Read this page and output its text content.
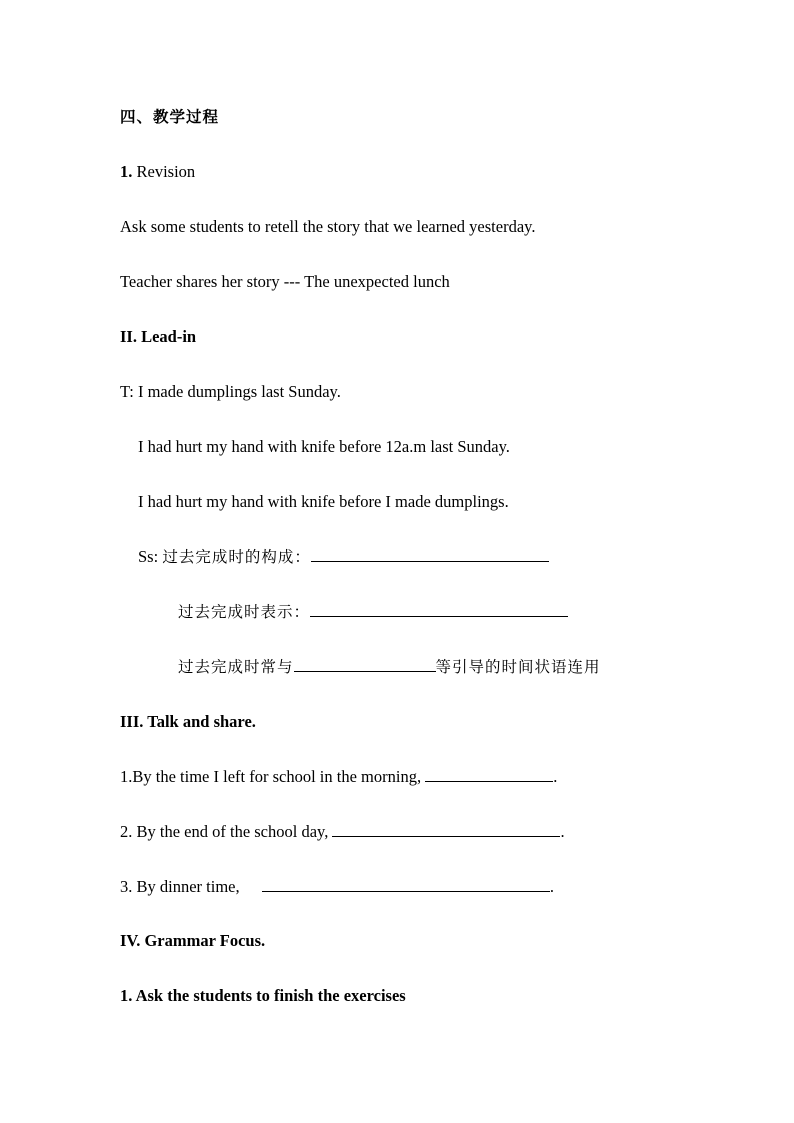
四、教学过程
1. Revision
Ask some students to retell the story that we learned yesterday.
Teacher shares her story --- The unexpected lunch
II. Lead-in
T: I made dumplings last Sunday.
I had hurt my hand with knife before 12a.m last Sunday.
I had hurt my hand with knife before I made dumplings.
Ss: 过去完成时的构成：
过去完成时表示：
过去完成时常与	等引导的时间状语连用
III. Talk and share.
1.By the time I left for school in the morning,	.
2. By the end of the school day,	.
3. By dinner time,	.
IV. Grammar Focus.
1. Ask the students to finish the exercises
